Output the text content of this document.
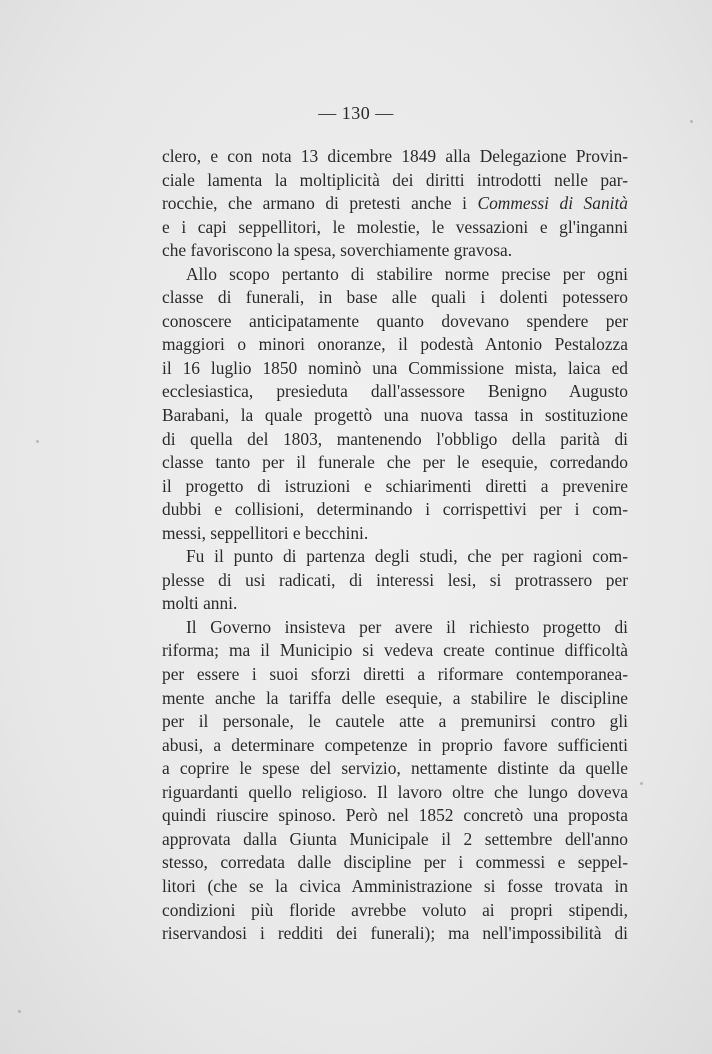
— 130 —
clero, e con nota 13 dicembre 1849 alla Delegazione Provin-
ciale lamenta la moltiplicità dei diritti introdotti nelle par-
rocchie, che armano di pretesti anche i Commessi di Sanità
e i capi seppellitori, le molestie, le vessazioni e gl'inganni
che favoriscono la spesa, soverchiamente gravosa.
Allo scopo pertanto di stabilire norme precise per ogni
classe di funerali, in base alle quali i dolenti potessero
conoscere anticipatamente quanto dovevano spendere per
maggiori o minori onoranze, il podestà Antonio Pestalozza
il 16 luglio 1850 nominò una Commissione mista, laica ed
ecclesiastica, presieduta dall'assessore Benigno Augusto
Barabani, la quale progettò una nuova tassa in sostituzione
di quella del 1803, mantenendo l'obbligo della parità di
classe tanto per il funerale che per le esequie, corredando
il progetto di istruzioni e schiarimenti diretti a prevenire
dubbi e collisioni, determinando i corrispettivi per i com-
messi, seppellitori e becchini.
Fu il punto di partenza degli studi, che per ragioni com-
plesse di usi radicati, di interessi lesi, si protrassero per
molti anni.
Il Governo insisteva per avere il richiesto progetto di
riforma; ma il Municipio si vedeva create continue difficoltà
per essere i suoi sforzi diretti a riformare contemporanea-
mente anche la tariffa delle esequie, a stabilire le discipline
per il personale, le cautele atte a premunirsi contro gli
abusi, a determinare competenze in proprio favore sufficienti
a coprire le spese del servizio, nettamente distinte da quelle
riguardanti quello religioso. Il lavoro oltre che lungo doveva
quindi riuscire spinoso. Però nel 1852 concretò una proposta
approvata dalla Giunta Municipale il 2 settembre dell'anno
stesso, corredata dalle discipline per i commessi e seppel-
litori (che se la civica Amministrazione si fosse trovata in
condizioni più floride avrebbe voluto ai propri stipendi,
riservandosi i redditi dei funerali); ma nell'impossibilità di
